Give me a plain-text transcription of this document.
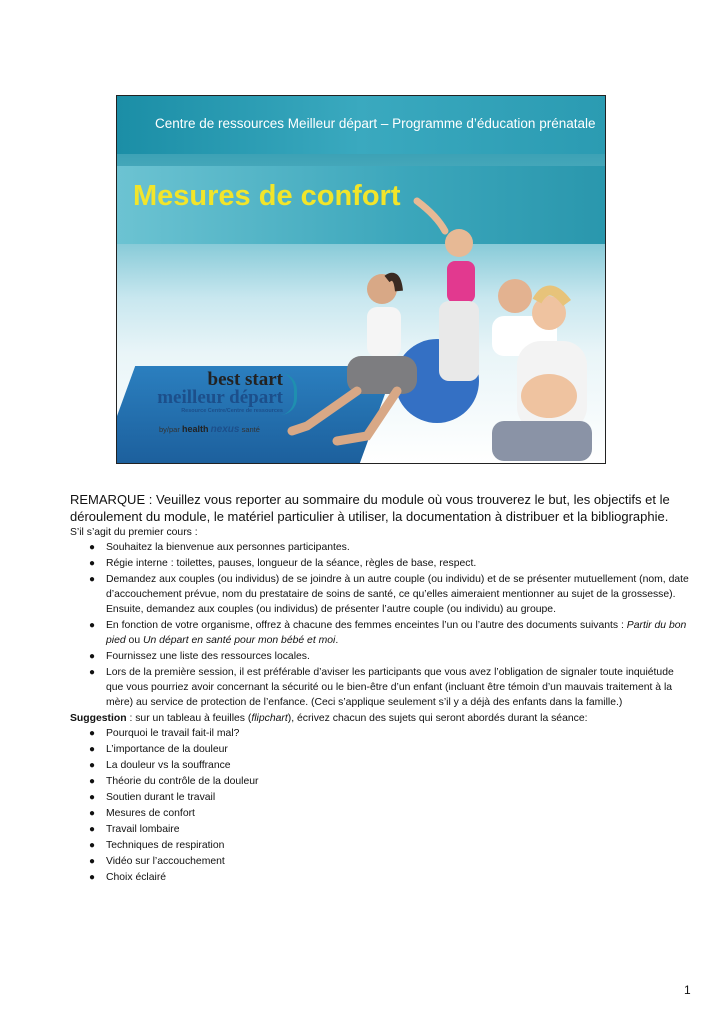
Centre de ressources Meilleur départ – Programme d’éducation prénatale
Mesures de confort
best start
meilleur départ
Resource Centre/Centre de ressources
by/par health nexus santé

REMARQUE : Veuillez vous reporter au sommaire du module où vous trouverez le but, les objectifs et le déroulement du module, le matériel particulier à utiliser, la documentation à distribuer et la bibliographie.

S’il s’agit du premier cours :

● Souhaitez la bienvenue aux personnes participantes.
● Régie interne : toilettes, pauses, longueur de la séance, règles de base, respect.
● Demandez aux couples (ou individus) de se joindre à un autre couple (ou individu) et de se présenter mutuellement (nom, date d’accouchement prévue, nom du prestataire de soins de santé, ce qu’elles aimeraient mentionner au sujet de la grossesse). Ensuite, demandez aux couples (ou individus) de présenter l’autre couple (ou individu) au groupe.
● En fonction de votre organisme, offrez à chacune des femmes enceintes l’un ou l’autre des documents suivants : Partir du bon pied ou Un départ en santé pour mon bébé et moi.
● Fournissez une liste des ressources locales.
● Lors de la première session, il est préférable d’aviser les participants que vous avez l’obligation de signaler toute inquiétude que vous pourriez avoir concernant la sécurité ou le bien-être d’un enfant (incluant être témoin d’un mauvais traitement à la mère) au service de protection de l’enfance. (Ceci s’applique seulement s’il y a déjà des enfants dans la famille.)

Suggestion : sur un tableau à feuilles (flipchart), écrivez chacun des sujets qui seront abordés durant la séance:

● Pourquoi le travail fait-il mal?
● L’importance de la douleur
● La douleur vs la souffrance
● Théorie du contrôle de la douleur
● Soutien durant le travail
● Mesures de confort
● Travail lombaire
● Techniques de respiration
● Vidéo sur l’accouchement
● Choix éclairé
1
